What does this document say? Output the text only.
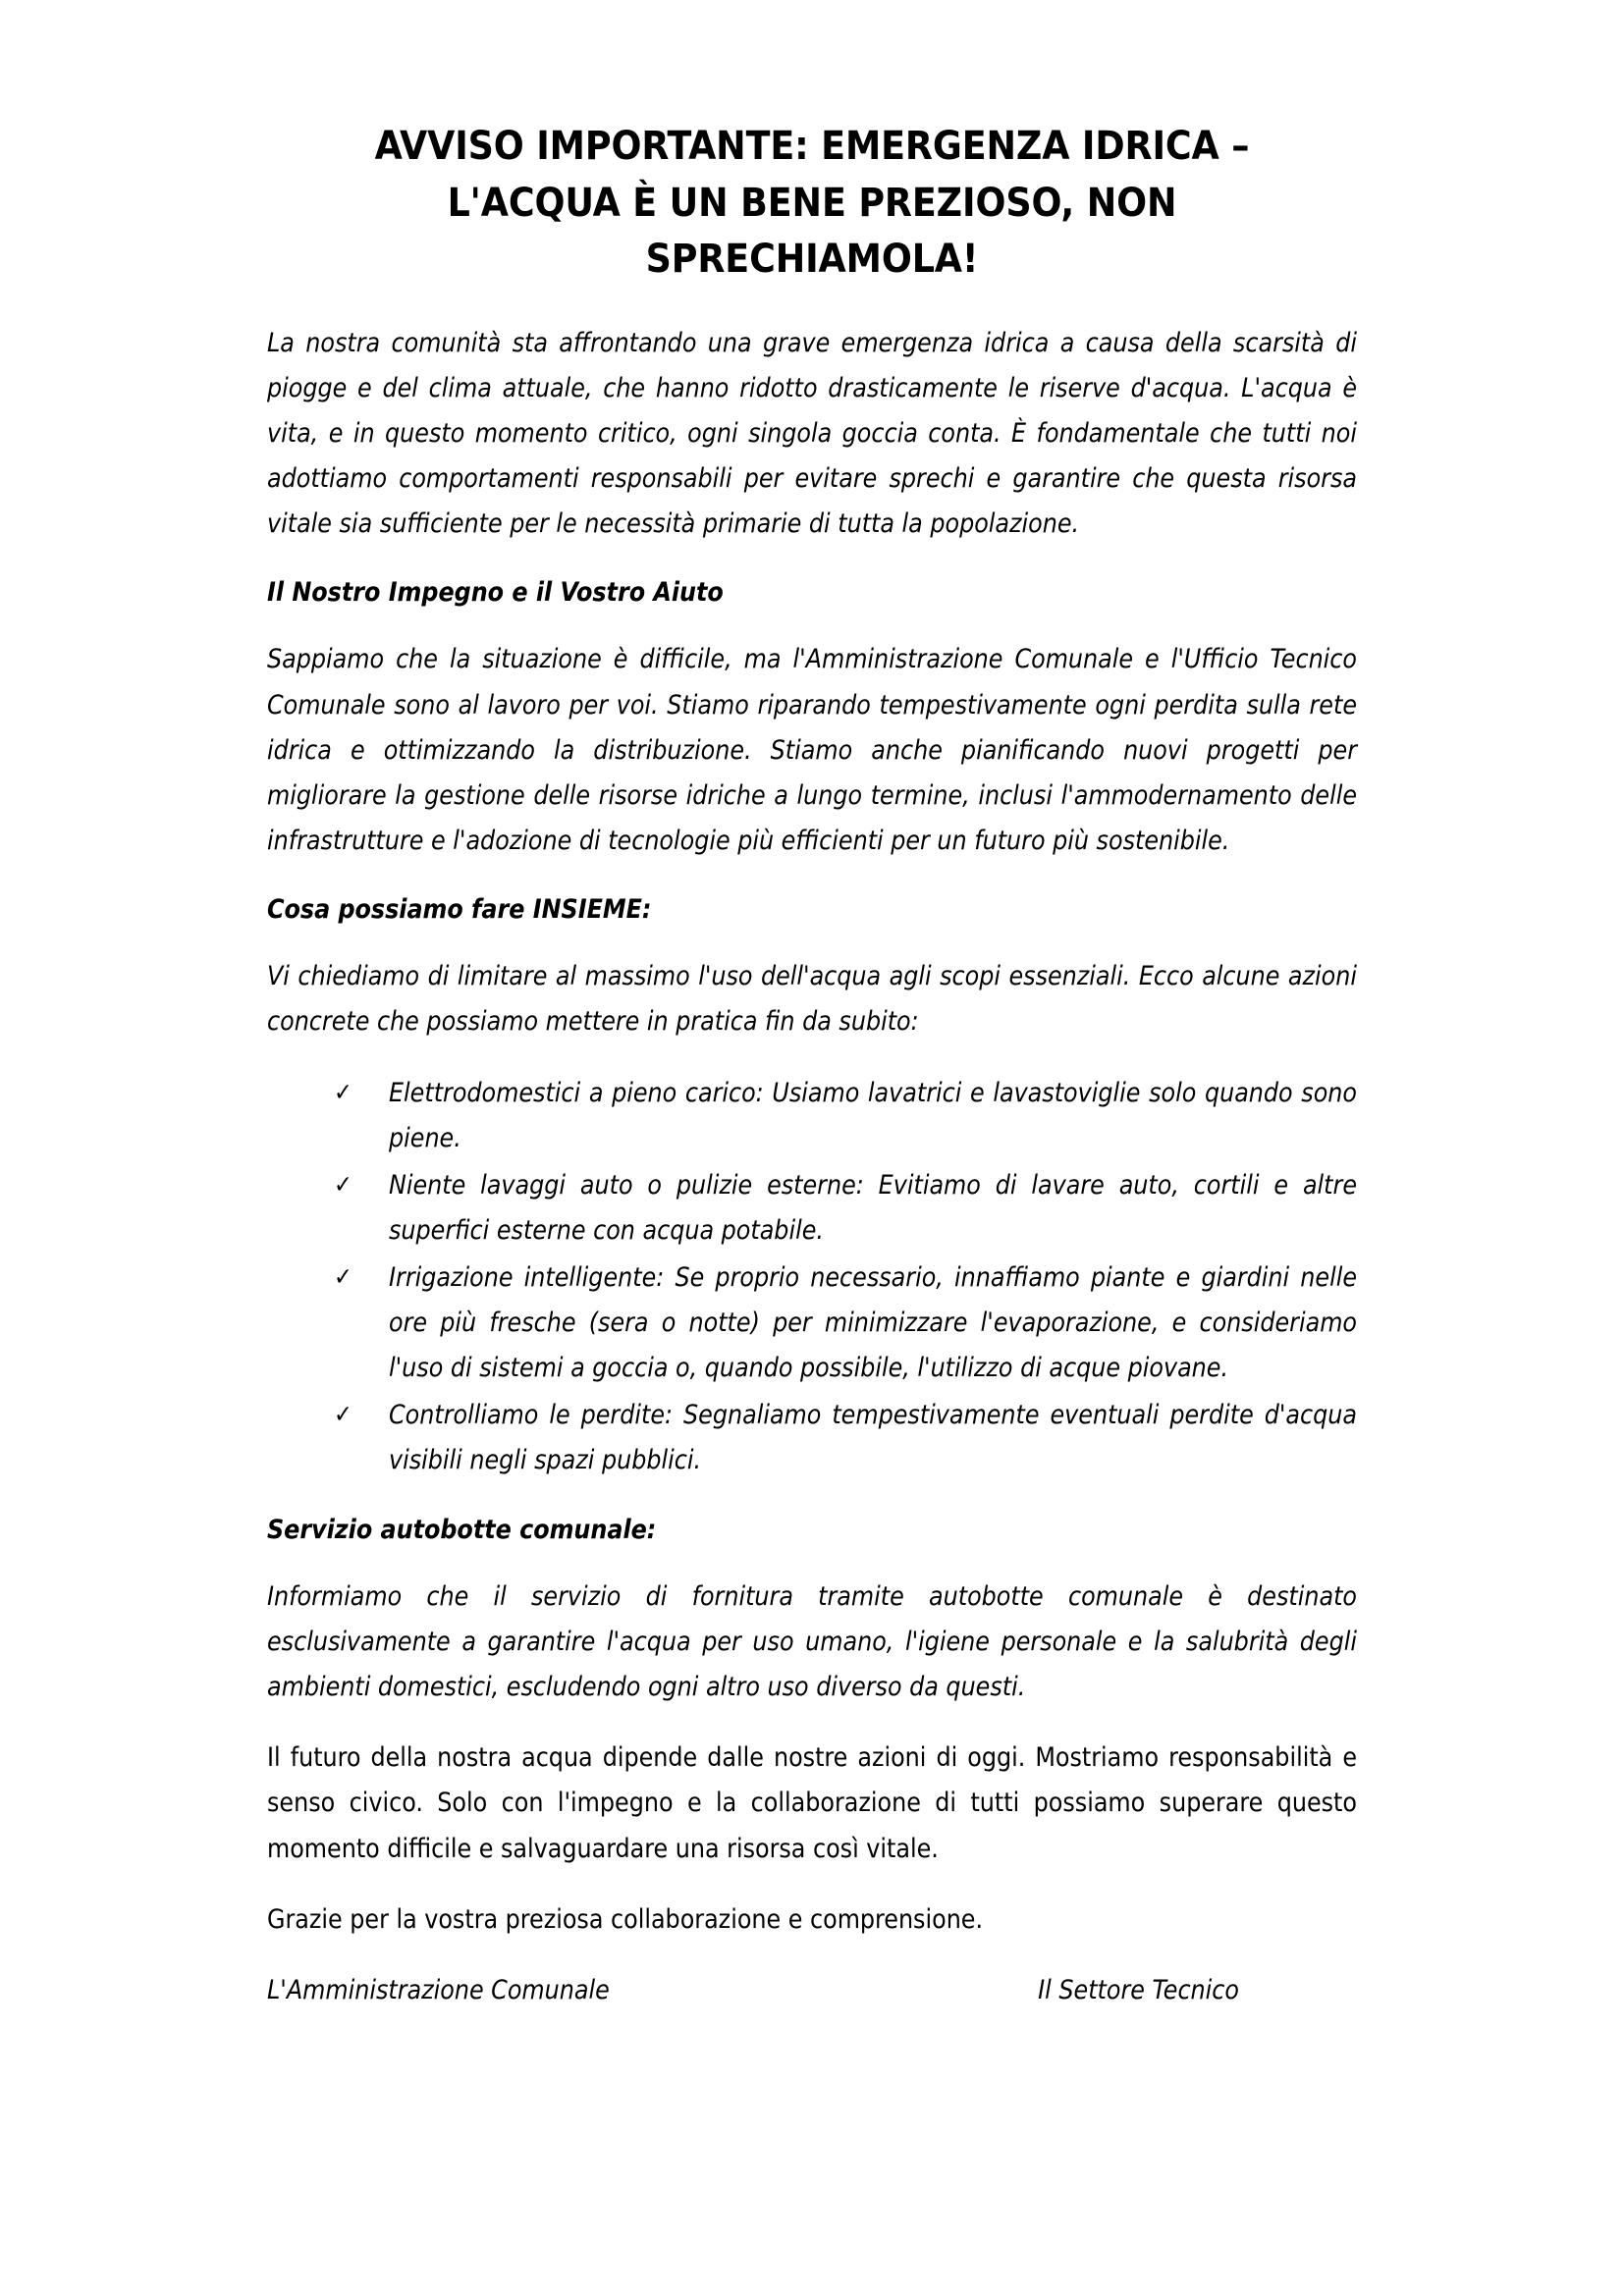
AVVISO IMPORTANTE: EMERGENZA IDRICA – L'ACQUA È UN BENE PREZIOSO, NON SPRECHIAMOLA!

La nostra comunità sta affrontando una grave emergenza idrica a causa della scarsità di piogge e del clima attuale, che hanno ridotto drasticamente le riserve d'acqua. L'acqua è vita, e in questo momento critico, ogni singola goccia conta. È fondamentale che tutti noi adottiamo comportamenti responsabili per evitare sprechi e garantire che questa risorsa vitale sia sufficiente per le necessità primarie di tutta la popolazione.

Il Nostro Impegno e il Vostro Aiuto

Sappiamo che la situazione è difficile, ma l'Amministrazione Comunale e l'Ufficio Tecnico Comunale sono al lavoro per voi. Stiamo riparando tempestivamente ogni perdita sulla rete idrica e ottimizzando la distribuzione. Stiamo anche pianificando nuovi progetti per migliorare la gestione delle risorse idriche a lungo termine, inclusi l'ammodernamento delle infrastrutture e l'adozione di tecnologie più efficienti per un futuro più sostenibile.

Cosa possiamo fare INSIEME:

Vi chiediamo di limitare al massimo l'uso dell'acqua agli scopi essenziali. Ecco alcune azioni concrete che possiamo mettere in pratica fin da subito:

✓ Elettrodomestici a pieno carico: Usiamo lavatrici e lavastoviglie solo quando sono piene.
✓ Niente lavaggi auto o pulizie esterne: Evitiamo di lavare auto, cortili e altre superfici esterne con acqua potabile.
✓ Irrigazione intelligente: Se proprio necessario, innaffiamo piante e giardini nelle ore più fresche (sera o notte) per minimizzare l'evaporazione, e consideriamo l'uso di sistemi a goccia o, quando possibile, l'utilizzo di acque piovane.
✓ Controlliamo le perdite: Segnaliamo tempestivamente eventuali perdite d'acqua visibili negli spazi pubblici.
Servizio autobotte comunale:

Informiamo che il servizio di fornitura tramite autobotte comunale è destinato esclusivamente a garantire l'acqua per uso umano, l'igiene personale e la salubrità degli ambienti domestici, escludendo ogni altro uso diverso da questi.

Il futuro della nostra acqua dipende dalle nostre azioni di oggi. Mostriamo responsabilità e senso civico. Solo con l'impegno e la collaborazione di tutti possiamo superare questo momento difficile e salvaguardare una risorsa così vitale.

Grazie per la vostra preziosa collaborazione e comprensione.

L'Amministrazione Comunale	Il Settore Tecnico
